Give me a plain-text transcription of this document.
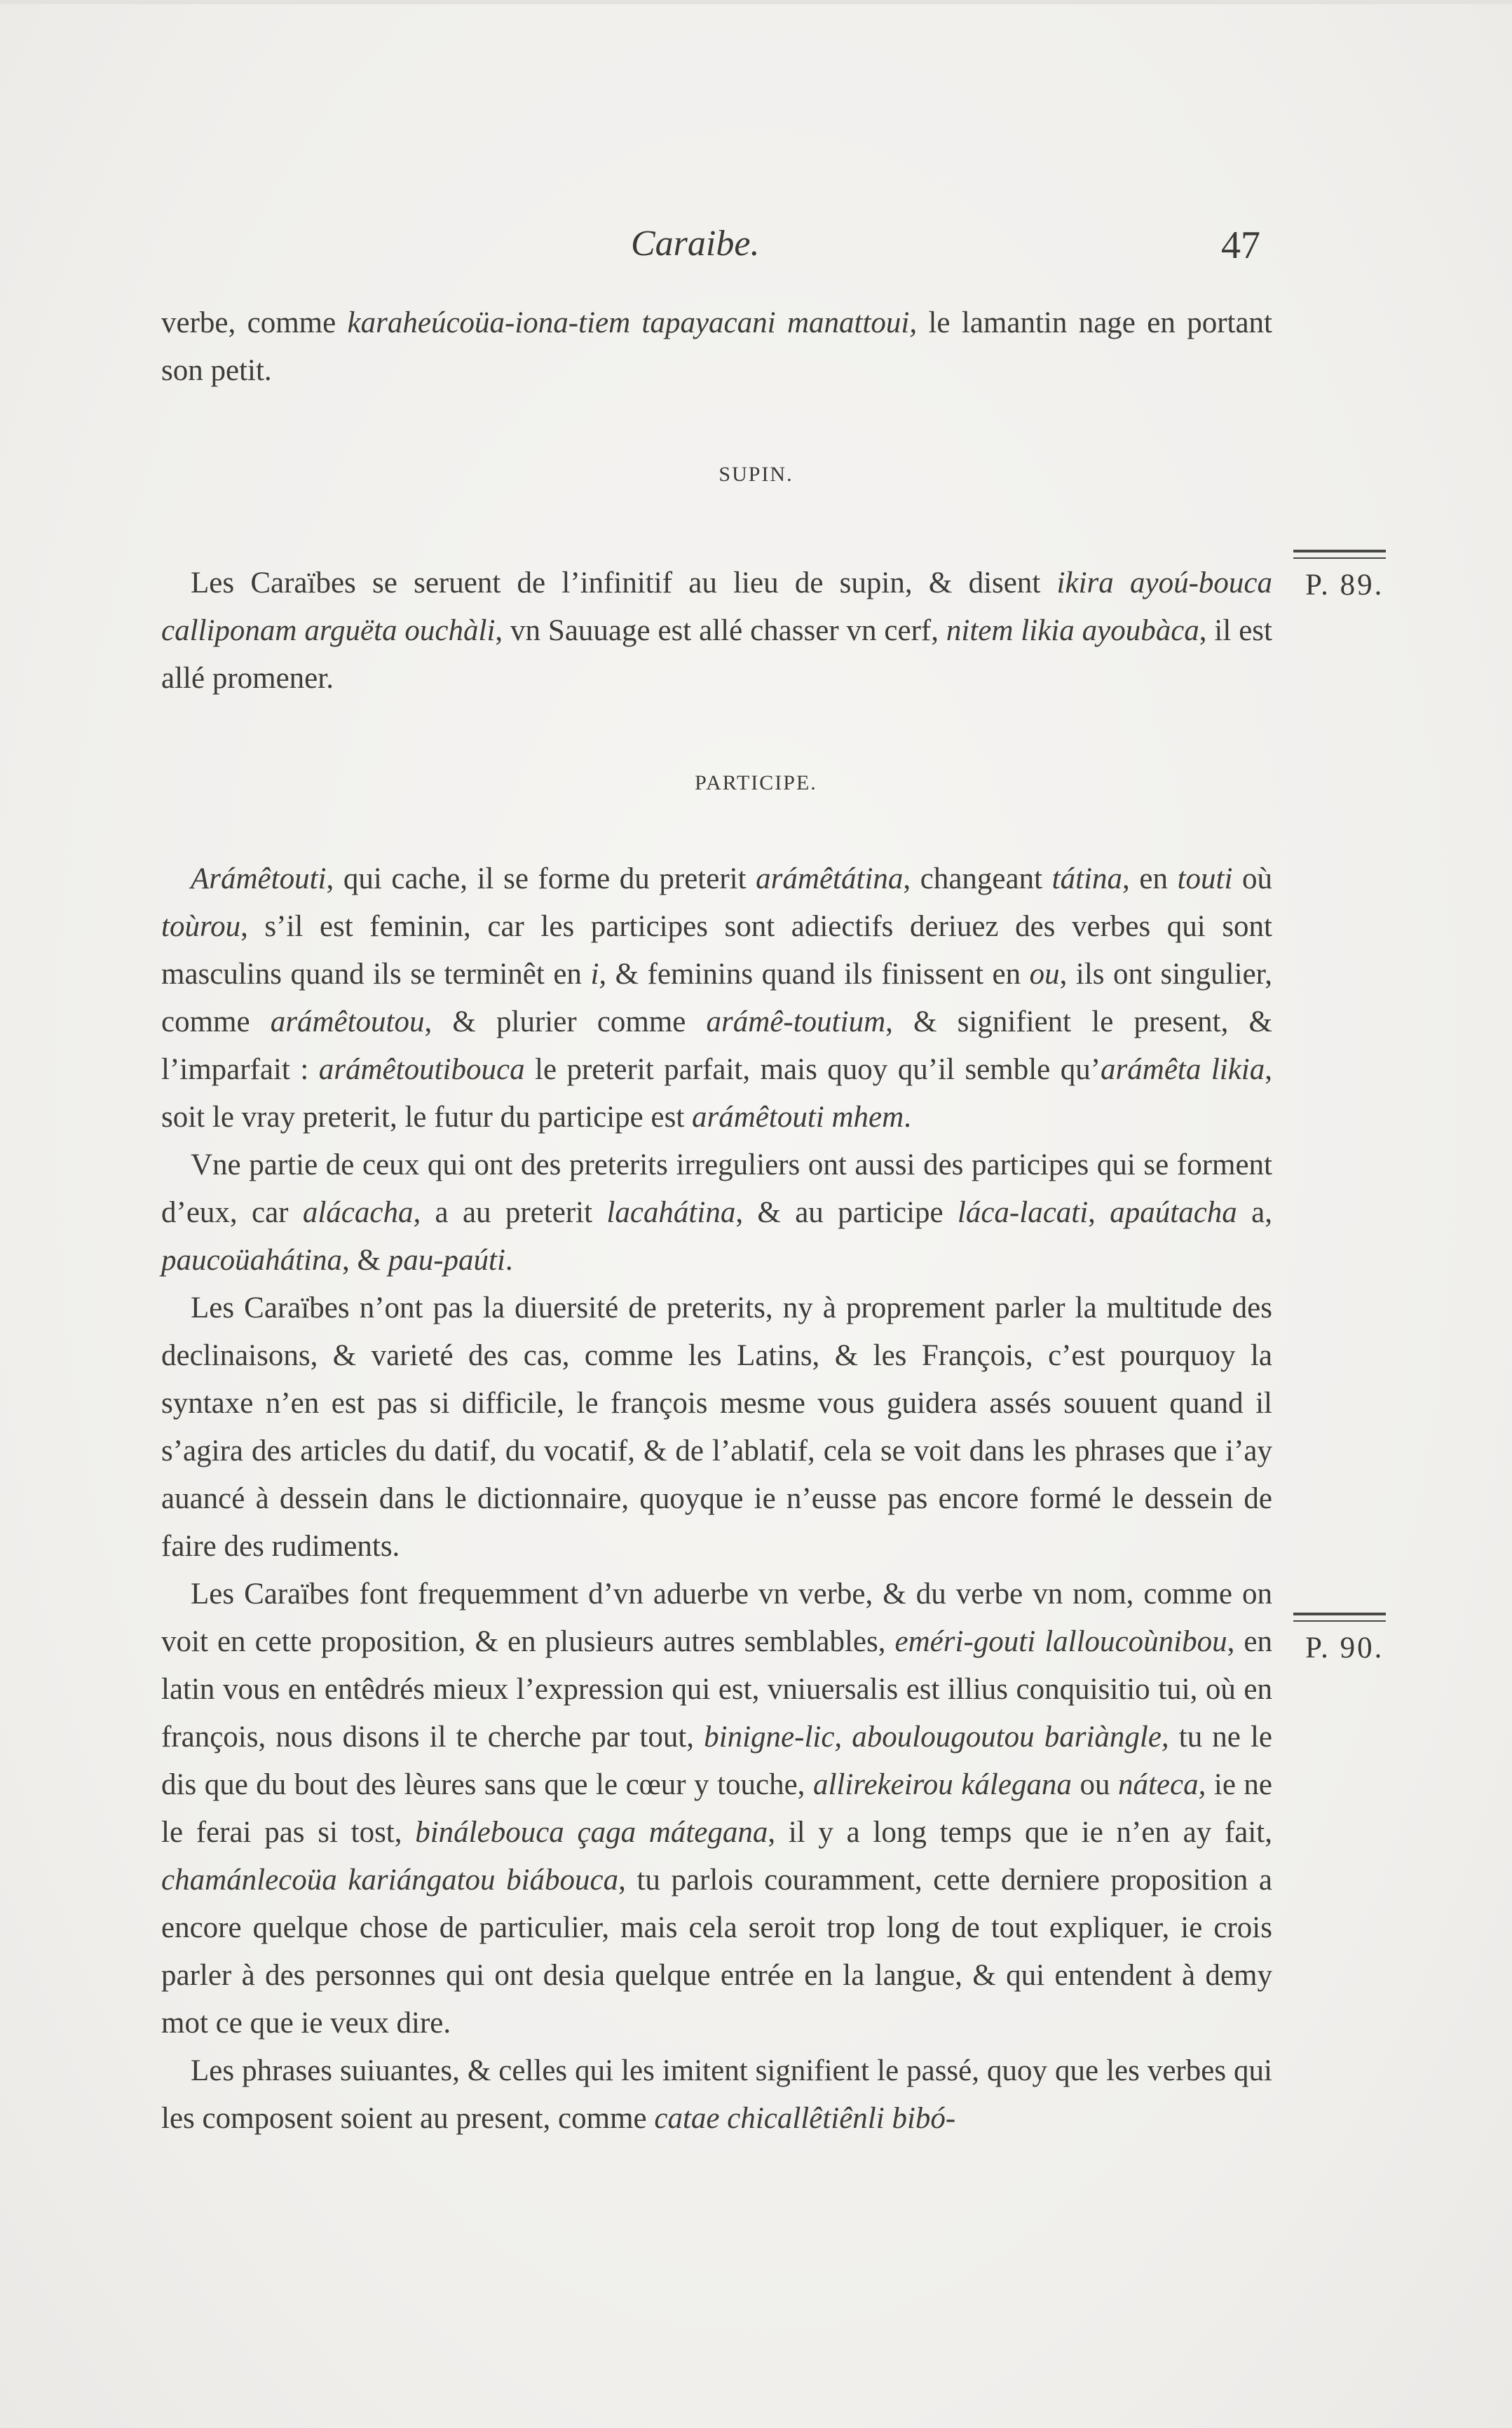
Caraibe.	47

verbe, comme karaheúcoüa-iona-tiem tapayacani manattoui, le lamantin nage en portant son petit.

SUPIN.

Les Caraïbes se seruent de l’infinitif au lieu de supin, & disent ikira ayoú-bouca calliponam arguëta ouchàli, vn Sauuage est allé chasser vn cerf, nitem likia ayoubàca, il est allé promener.

P. 89.
PARTICIPE.

Arámêtouti, qui cache, il se forme du preterit arámêtátina, changeant tátina, en touti où toùrou, s’il est feminin, car les participes sont adiectifs deriuez des verbes qui sont masculins quand ils se terminêt en i, & feminins quand ils finissent en ou, ils ont singulier, comme arámêtoutou, & plurier comme arámê-toutium, & signifient le present, & l’imparfait : arámêtoutibouca le preterit parfait, mais quoy qu’il semble qu’arámêta likia, soit le vray preterit, le futur du participe est arámêtouti mhem.

Vne partie de ceux qui ont des preterits irreguliers ont aussi des participes qui se forment d’eux, car alácacha, a au preterit lacahátina, & au participe láca-lacati, apaútacha a, paucoüahátina, & pau-paúti.

Les Caraïbes n’ont pas la diuersité de preterits, ny à proprement parler la multitude des declinaisons, & varieté des cas, comme les Latins, & les François, c’est pourquoy la syntaxe n’en est pas si difficile, le françois mesme vous guidera assés souuent quand il s’agira des articles du datif, du vocatif, & de l’ablatif, cela se voit dans les phrases que i’ay auancé à dessein dans le dictionnaire, quoyque ie n’eusse pas encore formé le dessein de faire des rudiments.

Les Caraïbes font frequemment d’vn aduerbe vn verbe, & du verbe vn nom, comme on voit en cette proposition, & en plusieurs autres semblables, eméri-gouti lalloucoùnibou, en latin vous en entêdrés mieux l’expression qui est, vniuersalis est illius conquisitio tui, où en françois, nous disons il te cherche par tout, binigne-lic, aboulougoutou bariàngle, tu ne le dis que du bout des lèures sans que le cœur y touche, allirekeirou kálegana ou náteca, ie ne le ferai pas si tost, binálebouca çaga mátegana, il y a long temps que ie n’en ay fait, chamánlecoüa kariángatou biábouca, tu parlois couramment, cette derniere proposition a encore quelque chose de particulier, mais cela seroit trop long de tout expliquer, ie crois parler à des personnes qui ont desia quelque entrée en la langue, & qui entendent à demy mot ce que ie veux dire.

Les phrases suiuantes, & celles qui les imitent signifient le passé, quoy que les verbes qui les composent soient au present, comme catae chicallêtiênli bibó-

P. 90.
